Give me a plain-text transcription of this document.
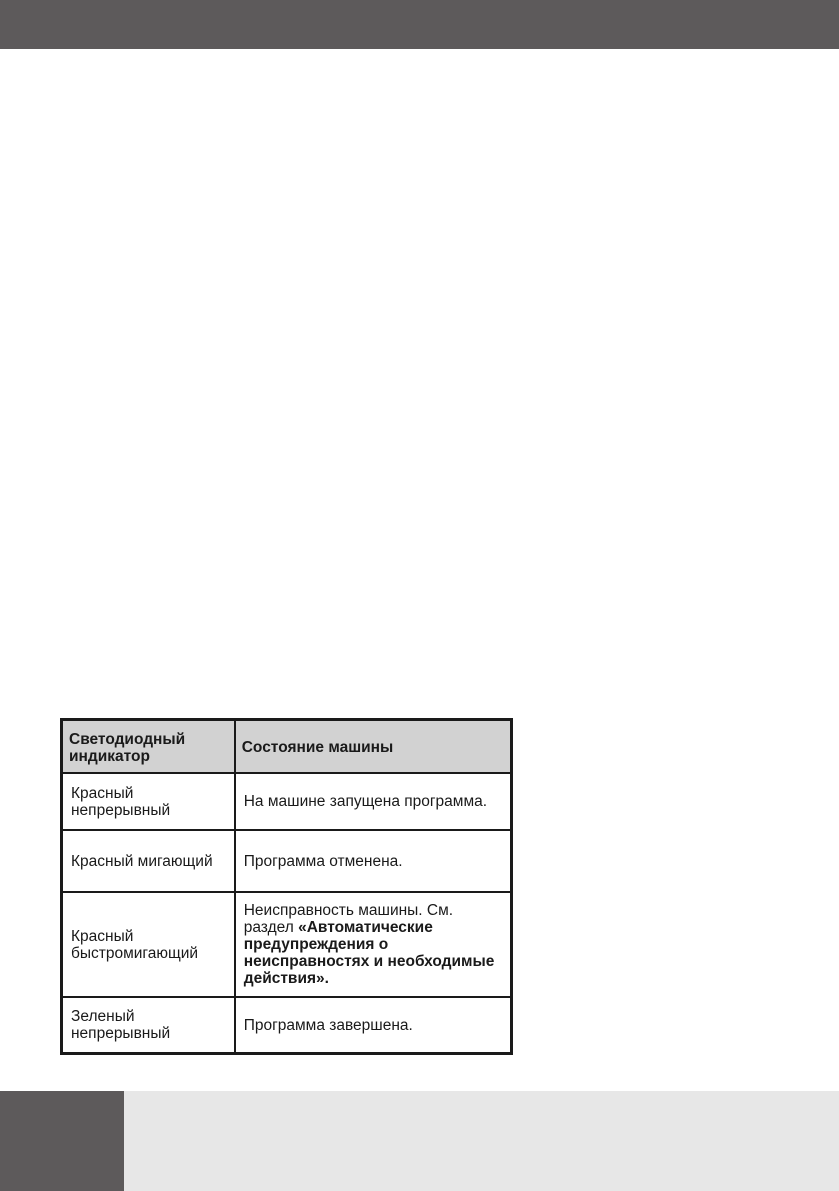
Светодиодный индикатор	Состояние машины
Красный непрерывный	На машине запущена программа.
Красный мигающий	Программа отменена.
Красный быстромигающий	Неисправность машины. См. раздел «Автоматические предупреждения о неисправностях и необходимые действия».
Зеленый непрерывный	Программа завершена.
